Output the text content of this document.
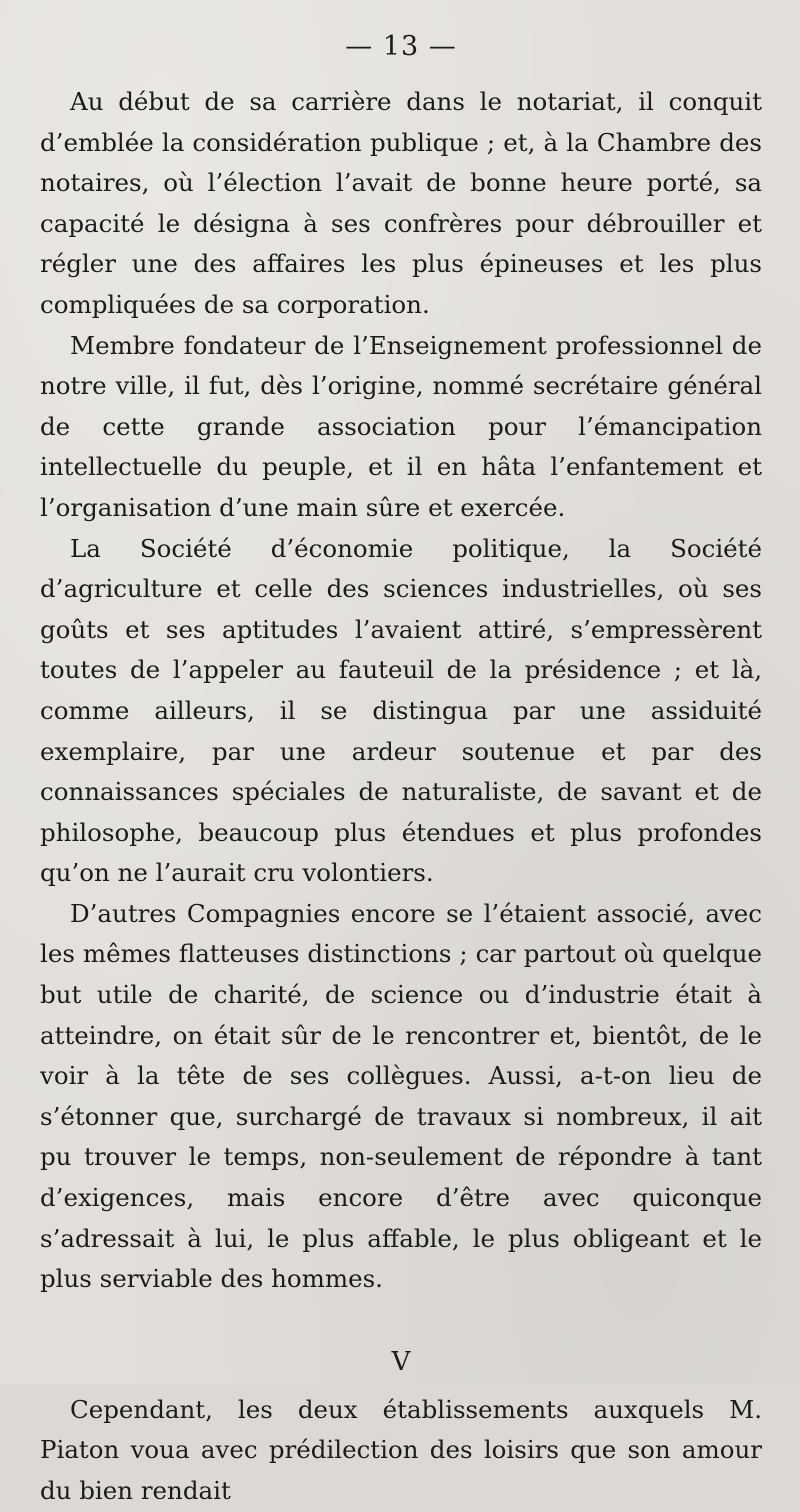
— 13 —

Au début de sa carrière dans le notariat, il conquit d’emblée la considération publique ; et, à la Chambre des notaires, où l’élection l’avait de bonne heure porté, sa capacité le désigna à ses confrères pour débrouiller et régler une des affaires les plus épineuses et les plus compliquées de sa corporation.

Membre fondateur de l’Enseignement professionnel de notre ville, il fut, dès l’origine, nommé secrétaire général de cette grande association pour l’émancipation intellectuelle du peuple, et il en hâta l’enfantement et l’organisation d’une main sûre et exercée.

La Société d’économie politique, la Société d’agriculture et celle des sciences industrielles, où ses goûts et ses aptitudes l’avaient attiré, s’empressèrent toutes de l’appeler au fauteuil de la présidence ; et là, comme ailleurs, il se distingua par une assiduité exemplaire, par une ardeur soutenue et par des connaissances spéciales de naturaliste, de savant et de philosophe, beaucoup plus étendues et plus profondes qu’on ne l’aurait cru volontiers.

D’autres Compagnies encore se l’étaient associé, avec les mêmes flatteuses distinctions ; car partout où quelque but utile de charité, de science ou d’industrie était à atteindre, on était sûr de le rencontrer et, bientôt, de le voir à la tête de ses collègues. Aussi, a-t-on lieu de s’étonner que, surchargé de travaux si nombreux, il ait pu trouver le temps, non-seulement de répondre à tant d’exigences, mais encore d’être avec quiconque s’adressait à lui, le plus affable, le plus obligeant et le plus serviable des hommes.

V

Cependant, les deux établissements auxquels M. Piaton voua avec prédilection des loisirs que son amour du bien rendait
